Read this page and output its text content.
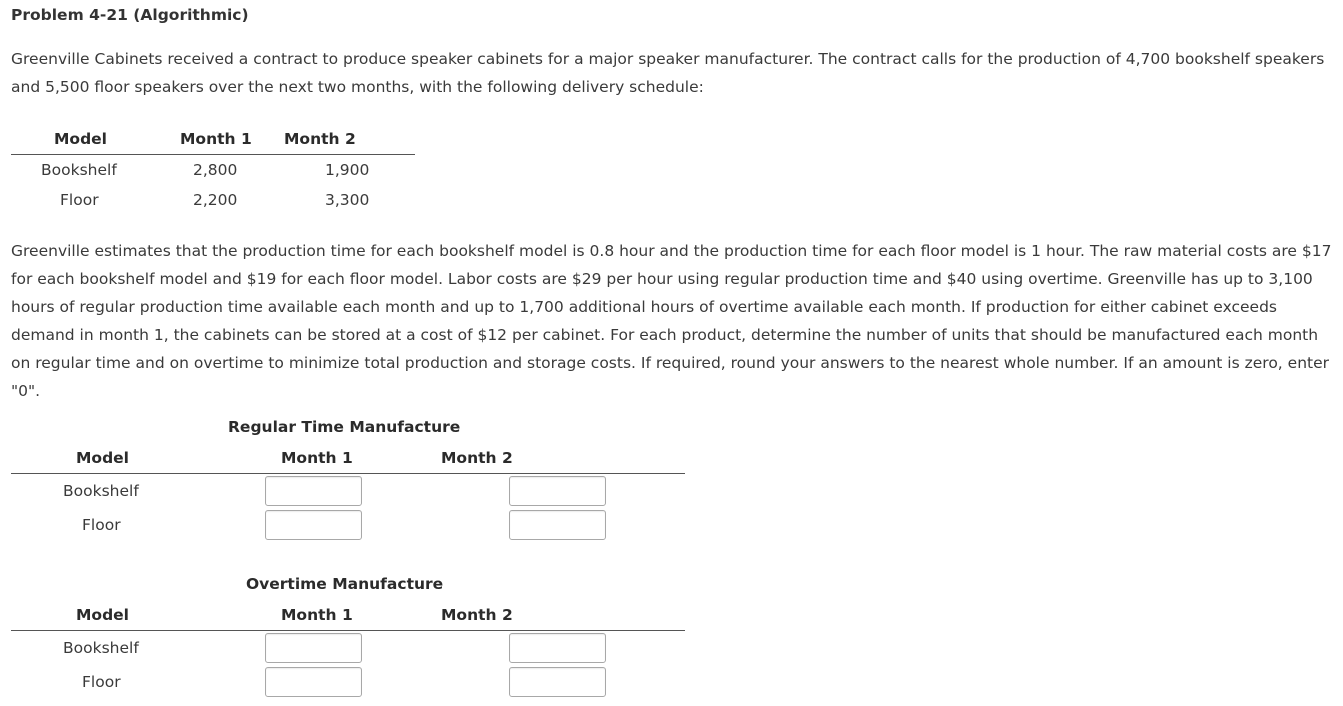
Problem 4-21 (Algorithmic)
Greenville Cabinets received a contract to produce speaker cabinets for a major speaker manufacturer. The contract calls for the production of 4,700 bookshelf speakers and 5,500 floor speakers over the next two months, with the following delivery schedule:
Model	Month 1 Month 2
Bookshelf	2,800	1,900
Floor	2,200	3,300
Greenville estimates that the production time for each bookshelf model is 0.8 hour and the production time for each floor model is 1 hour. The raw material costs are $17 for each bookshelf model and $19 for each floor model. Labor costs are $29 per hour using regular production time and $40 using overtime. Greenville has up to 3,100 hours of regular production time available each month and up to 1,700 additional hours of overtime available each month. If production for either cabinet exceeds demand in month 1, the cabinets can be stored at a cost of $12 per cabinet. For each product, determine the number of units that should be manufactured each month on regular time and on overtime to minimize total production and storage costs. If required, round your answers to the nearest whole number. If an amount is zero, enter "0".
Regular Time Manufacture
Model	Month 1	Month 2
Bookshelf
Floor
Overtime Manufacture
Model	Month 1	Month 2
Bookshelf
Floor
